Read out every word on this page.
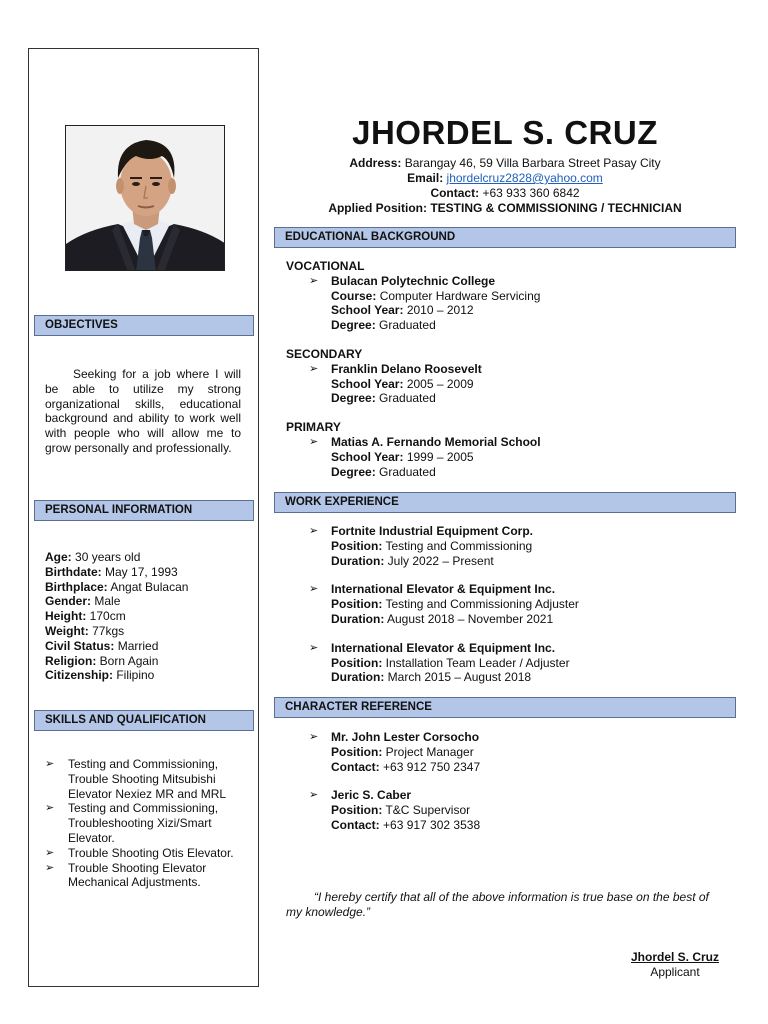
OBJECTIVES
Seeking for a job where I will be able to utilize my strong organizational skills, educational background and ability to work well with people who will allow me to grow personally and professionally.
PERSONAL INFORMATION
Age: 30 years old
Birthdate: May 17, 1993
Birthplace: Angat Bulacan
Gender: Male
Height: 170cm
Weight: 77kgs
Civil Status: Married
Religion: Born Again
Citizenship: Filipino
SKILLS AND QUALIFICATION
➢ Testing and Commissioning, Trouble Shooting Mitsubishi Elevator Nexiez MR and MRL
➢ Testing and Commissioning, Troubleshooting Xizi/Smart Elevator.
➢ Trouble Shooting Otis Elevator.
➢ Trouble Shooting Elevator Mechanical Adjustments.
JHORDEL S. CRUZ
Address: Barangay 46, 59 Villa Barbara Street Pasay City
Email: jhordelcruz2828@yahoo.com
Contact: +63 933 360 6842
Applied Position: TESTING & COMMISSIONING / TECHNICIAN
EDUCATIONAL BACKGROUND
VOCATIONAL
➢ Bulacan Polytechnic College
Course: Computer Hardware Servicing
School Year: 2010 – 2012
Degree: Graduated
SECONDARY
➢ Franklin Delano Roosevelt
School Year: 2005 – 2009
Degree: Graduated
PRIMARY
➢ Matias A. Fernando Memorial School
School Year: 1999 – 2005
Degree: Graduated
WORK EXPERIENCE
➢ Fortnite Industrial Equipment Corp.
Position: Testing and Commissioning
Duration: July 2022 – Present
➢ International Elevator & Equipment Inc.
Position: Testing and Commissioning Adjuster
Duration: August 2018 – November 2021
➢ International Elevator & Equipment Inc.
Position: Installation Team Leader / Adjuster
Duration: March 2015 – August 2018
CHARACTER REFERENCE
➢ Mr. John Lester Corsocho
Position: Project Manager
Contact: +63 912 750 2347
➢ Jeric S. Caber
Position: T&C Supervisor
Contact: +63 917 302 3538
“I hereby certify that all of the above information is true base on the best of my knowledge.”
Jhordel S. Cruz
Applicant
